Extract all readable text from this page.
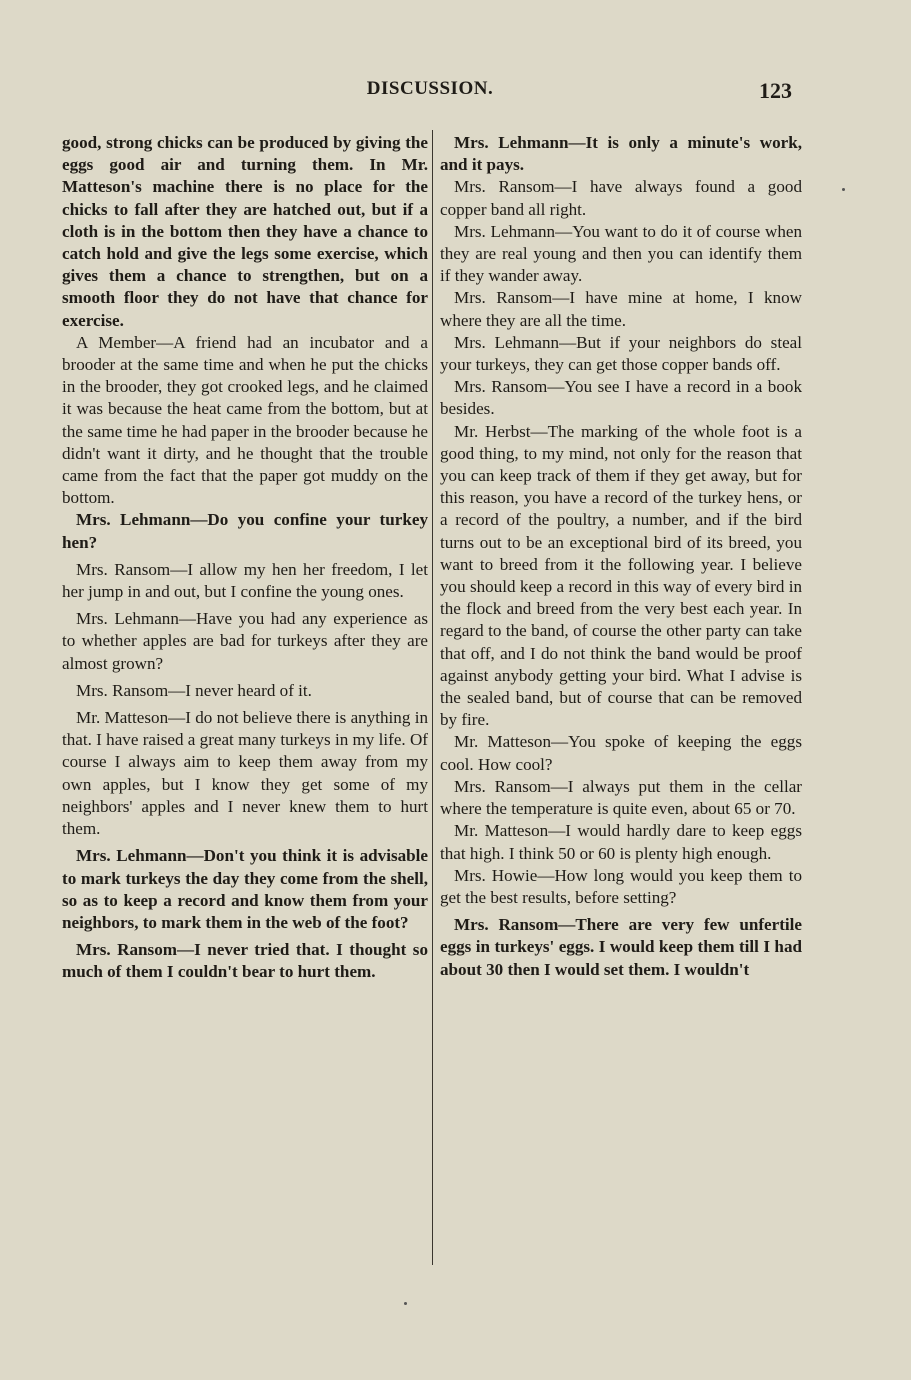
DISCUSSION.	123

good, strong chicks can be produced by giving the eggs good air and turning them. In Mr. Matteson's machine there is no place for the chicks to fall after they are hatched out, but if a cloth is in the bottom then they have a chance to catch hold and give the legs some exercise, which gives them a chance to strengthen, but on a smooth floor they do not have that chance for exercise.

A Member—A friend had an incubator and a brooder at the same time and when he put the chicks in the brooder, they got crooked legs, and he claimed it was because the heat came from the bottom, but at the same time he had paper in the brooder because he didn't want it dirty, and he thought that the trouble came from the fact that the paper got muddy on the bottom.

Mrs. Lehmann—Do you confine your turkey hen?

Mrs. Ransom—I allow my hen her freedom, I let her jump in and out, but I confine the young ones.

Mrs. Lehmann—Have you had any experience as to whether apples are bad for turkeys after they are almost grown?

Mrs. Ransom—I never heard of it.

Mr. Matteson—I do not believe there is anything in that. I have raised a great many turkeys in my life. Of course I always aim to keep them away from my own apples, but I know they get some of my neighbors' apples and I never knew them to hurt them.

Mrs. Lehmann—Don't you think it is advisable to mark turkeys the day they come from the shell, so as to keep a record and know them from your neighbors, to mark them in the web of the foot?

Mrs. Ransom—I never tried that. I thought so much of them I couldn't bear to hurt them.

Mrs. Lehmann—It is only a minute's work, and it pays.

Mrs. Ransom—I have always found a good copper band all right.

Mrs. Lehmann—You want to do it of course when they are real young and then you can identify them if they wander away.

Mrs. Ransom—I have mine at home, I know where they are all the time.

Mrs. Lehmann—But if your neighbors do steal your turkeys, they can get those copper bands off.

Mrs. Ransom—You see I have a record in a book besides.

Mr. Herbst—The marking of the whole foot is a good thing, to my mind, not only for the reason that you can keep track of them if they get away, but for this reason, you have a record of the turkey hens, or a record of the poultry, a number, and if the bird turns out to be an exceptional bird of its breed, you want to breed from it the following year. I believe you should keep a record in this way of every bird in the flock and breed from the very best each year. In regard to the band, of course the other party can take that off, and I do not think the band would be proof against anybody getting your bird. What I advise is the sealed band, but of course that can be removed by fire.

Mr. Matteson—You spoke of keeping the eggs cool. How cool?

Mrs. Ransom—I always put them in the cellar where the temperature is quite even, about 65 or 70.

Mr. Matteson—I would hardly dare to keep eggs that high. I think 50 or 60 is plenty high enough.

Mrs. Howie—How long would you keep them to get the best results, before setting?

Mrs. Ransom—There are very few unfertile eggs in turkeys' eggs. I would keep them till I had about 30 then I would set them. I wouldn't
